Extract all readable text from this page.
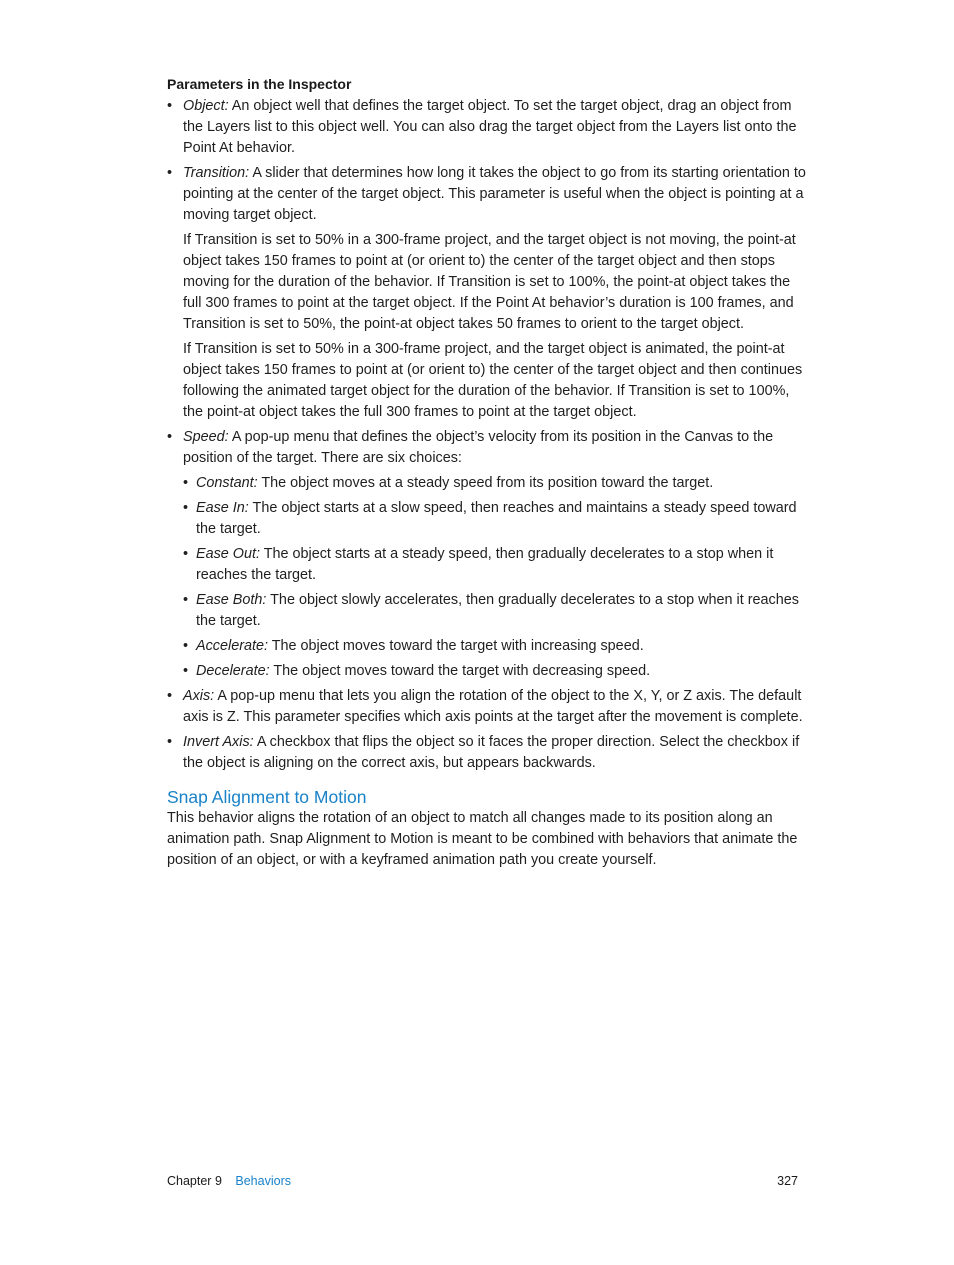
Parameters in the Inspector
• Object: An object well that defines the target object. To set the target object, drag an object from the Layers list to this object well. You can also drag the target object from the Layers list onto the Point At behavior.
• Transition: A slider that determines how long it takes the object to go from its starting orientation to pointing at the center of the target object. This parameter is useful when the object is pointing at a moving target object.
If Transition is set to 50% in a 300-frame project, and the target object is not moving, the point-at object takes 150 frames to point at (or orient to) the center of the target object and then stops moving for the duration of the behavior. If Transition is set to 100%, the point-at object takes the full 300 frames to point at the target object. If the Point At behavior’s duration is 100 frames, and Transition is set to 50%, the point-at object takes 50 frames to orient to the target object.
If Transition is set to 50% in a 300-frame project, and the target object is animated, the point-at object takes 150 frames to point at (or orient to) the center of the target object and then continues following the animated target object for the duration of the behavior. If Transition is set to 100%, the point-at object takes the full 300 frames to point at the target object.
• Speed: A pop-up menu that defines the object’s velocity from its position in the Canvas to the position of the target. There are six choices:
• Constant: The object moves at a steady speed from its position toward the target.
• Ease In: The object starts at a slow speed, then reaches and maintains a steady speed toward the target.
• Ease Out: The object starts at a steady speed, then gradually decelerates to a stop when it reaches the target.
• Ease Both: The object slowly accelerates, then gradually decelerates to a stop when it reaches the target.
• Accelerate: The object moves toward the target with increasing speed.
• Decelerate: The object moves toward the target with decreasing speed.
• Axis: A pop-up menu that lets you align the rotation of the object to the X, Y, or Z axis. The default axis is Z. This parameter specifies which axis points at the target after the movement is complete.
• Invert Axis: A checkbox that flips the object so it faces the proper direction. Select the checkbox if the object is aligning on the correct axis, but appears backwards.
Snap Alignment to Motion
This behavior aligns the rotation of an object to match all changes made to its position along an animation path. Snap Alignment to Motion is meant to be combined with behaviors that animate the position of an object, or with a keyframed animation path you create yourself.
Chapter 9 Behaviors	327
